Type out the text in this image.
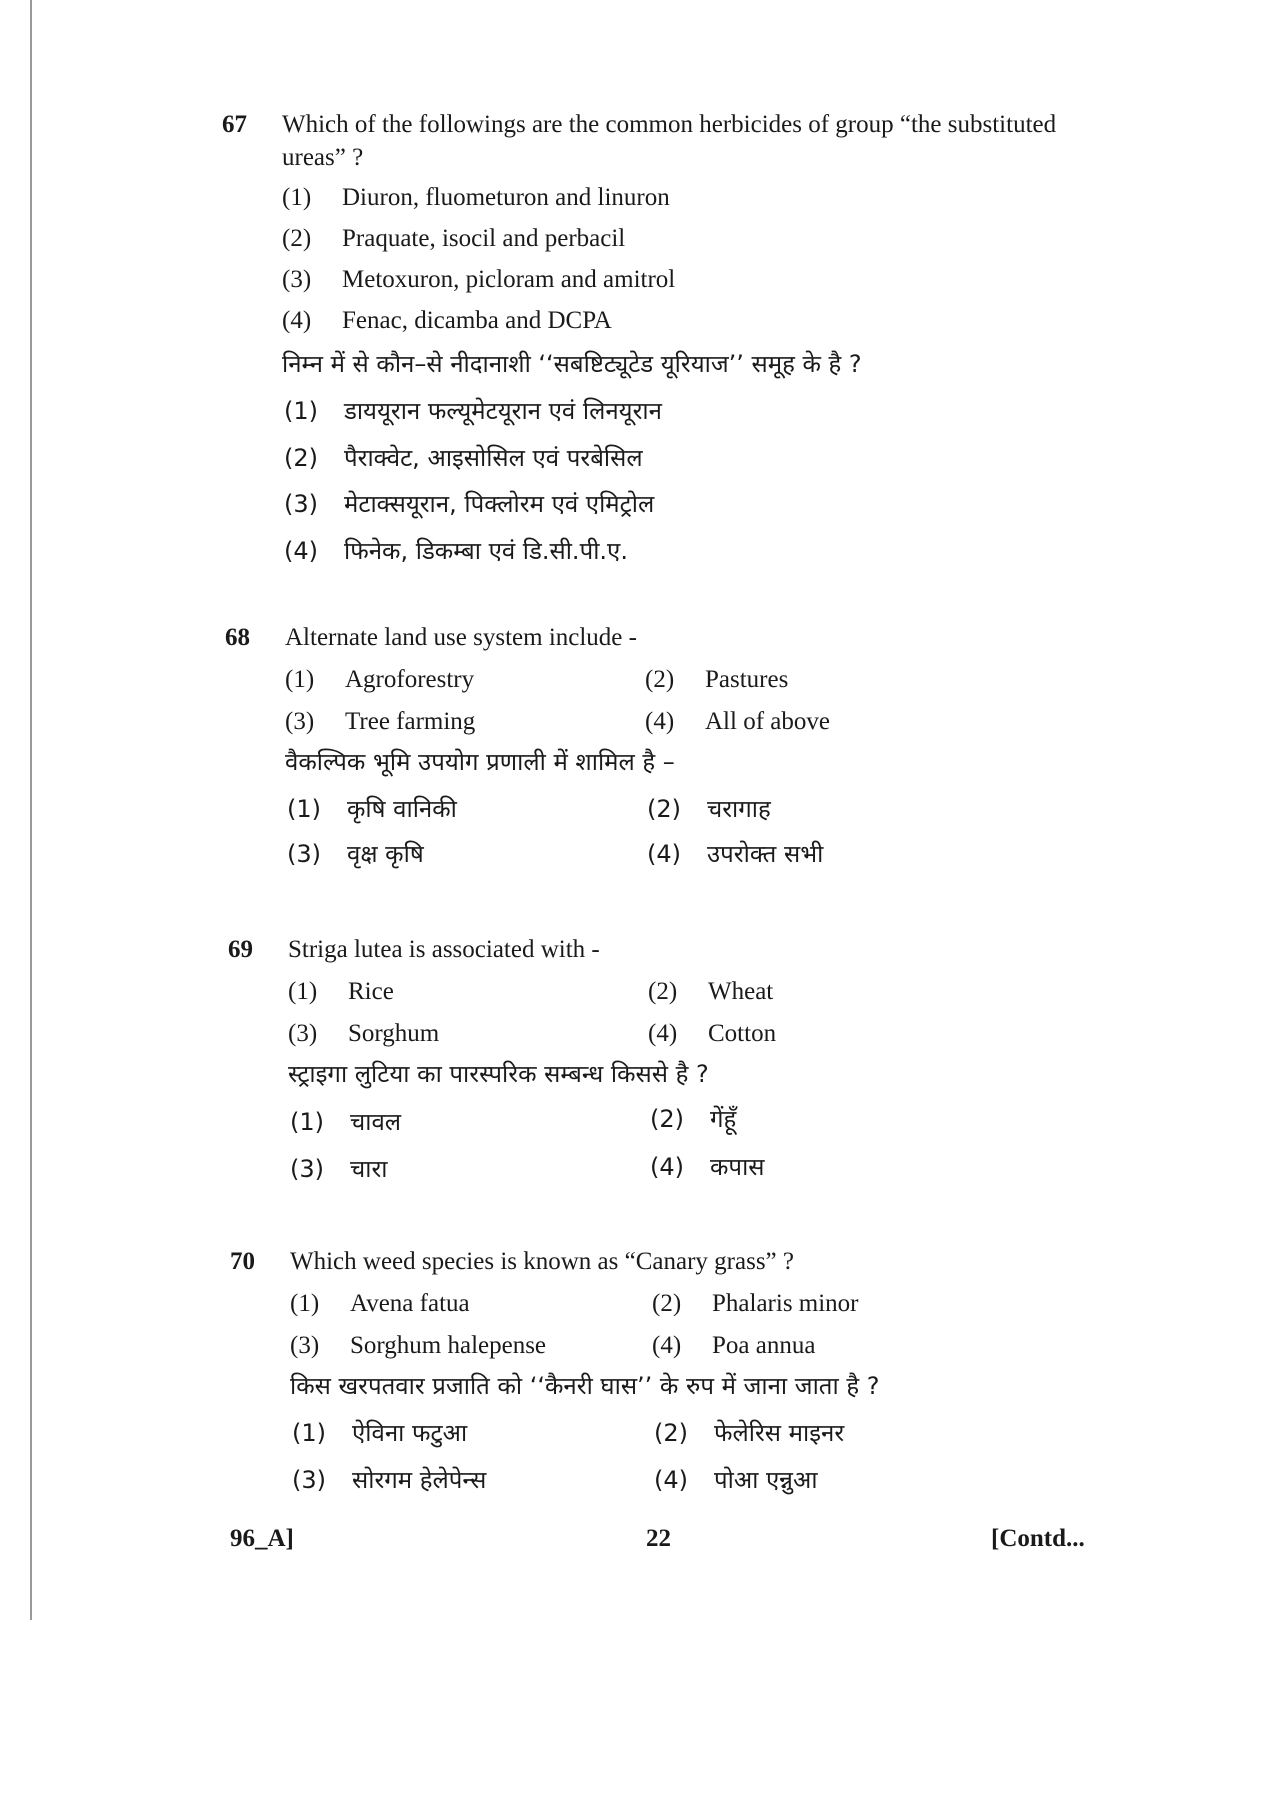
67 Which of the followings are the common herbicides of group “the substituted ureas” ?
(1)	Diuron, fluometuron and linuron
(2)	Praquate, isocil and perbacil
(3)	Metoxuron, picloram and amitrol
(4)	Fenac, dicamba and DCPA
निम्न में से कौन–से नीदानाशी ‘‘सबष्टिट्यूटेड यूरियाज’’ समूह के है ?
(1)	डाययूरान फल्यूमेटयूरान एवं लिनयूरान
(2)	पैराक्वेट, आइसोसिल एवं परबेसिल
(3)	मेटाक्सयूरान, पिक्लोरम एवं एमिट्रोल
(4)	फिनेक, डिकम्बा एवं डि.सी.पी.ए.
68 Alternate land use system include -
(1)	Agroforestry	(2)	Pastures
(3)	Tree farming	(4)	All of above
वैकल्पिक भूमि उपयोग प्रणाली में शामिल है –
(1)	कृषि वानिकी	(2)	चरागाह
(3)	वृक्ष कृषि	(4)	उपरोक्त सभी
69 Striga lutea is associated with -
(1)	Rice	(2)	Wheat
(3)	Sorghum	(4)	Cotton
स्ट्राइगा लुटिया का पारस्परिक सम्बन्ध किससे है ?
(1)	चावल	(2)	गेंहूँ
(3)	चारा	(4)	कपास
70 Which weed species is known as “Canary grass” ?
(1)	Avena fatua	(2)	Phalaris minor
(3)	Sorghum halepense	(4)	Poa annua
किस खरपतवार प्रजाति को ‘‘कैनरी घास’’ के रुप में जाना जाता है ?
(1)	ऐविना फटुआ	(2)	फेलेरिस माइनर
(3)	सोरगम हेलेपेन्स	(4)	पोआ एन्नुआ
96_A]	22	[Contd...
